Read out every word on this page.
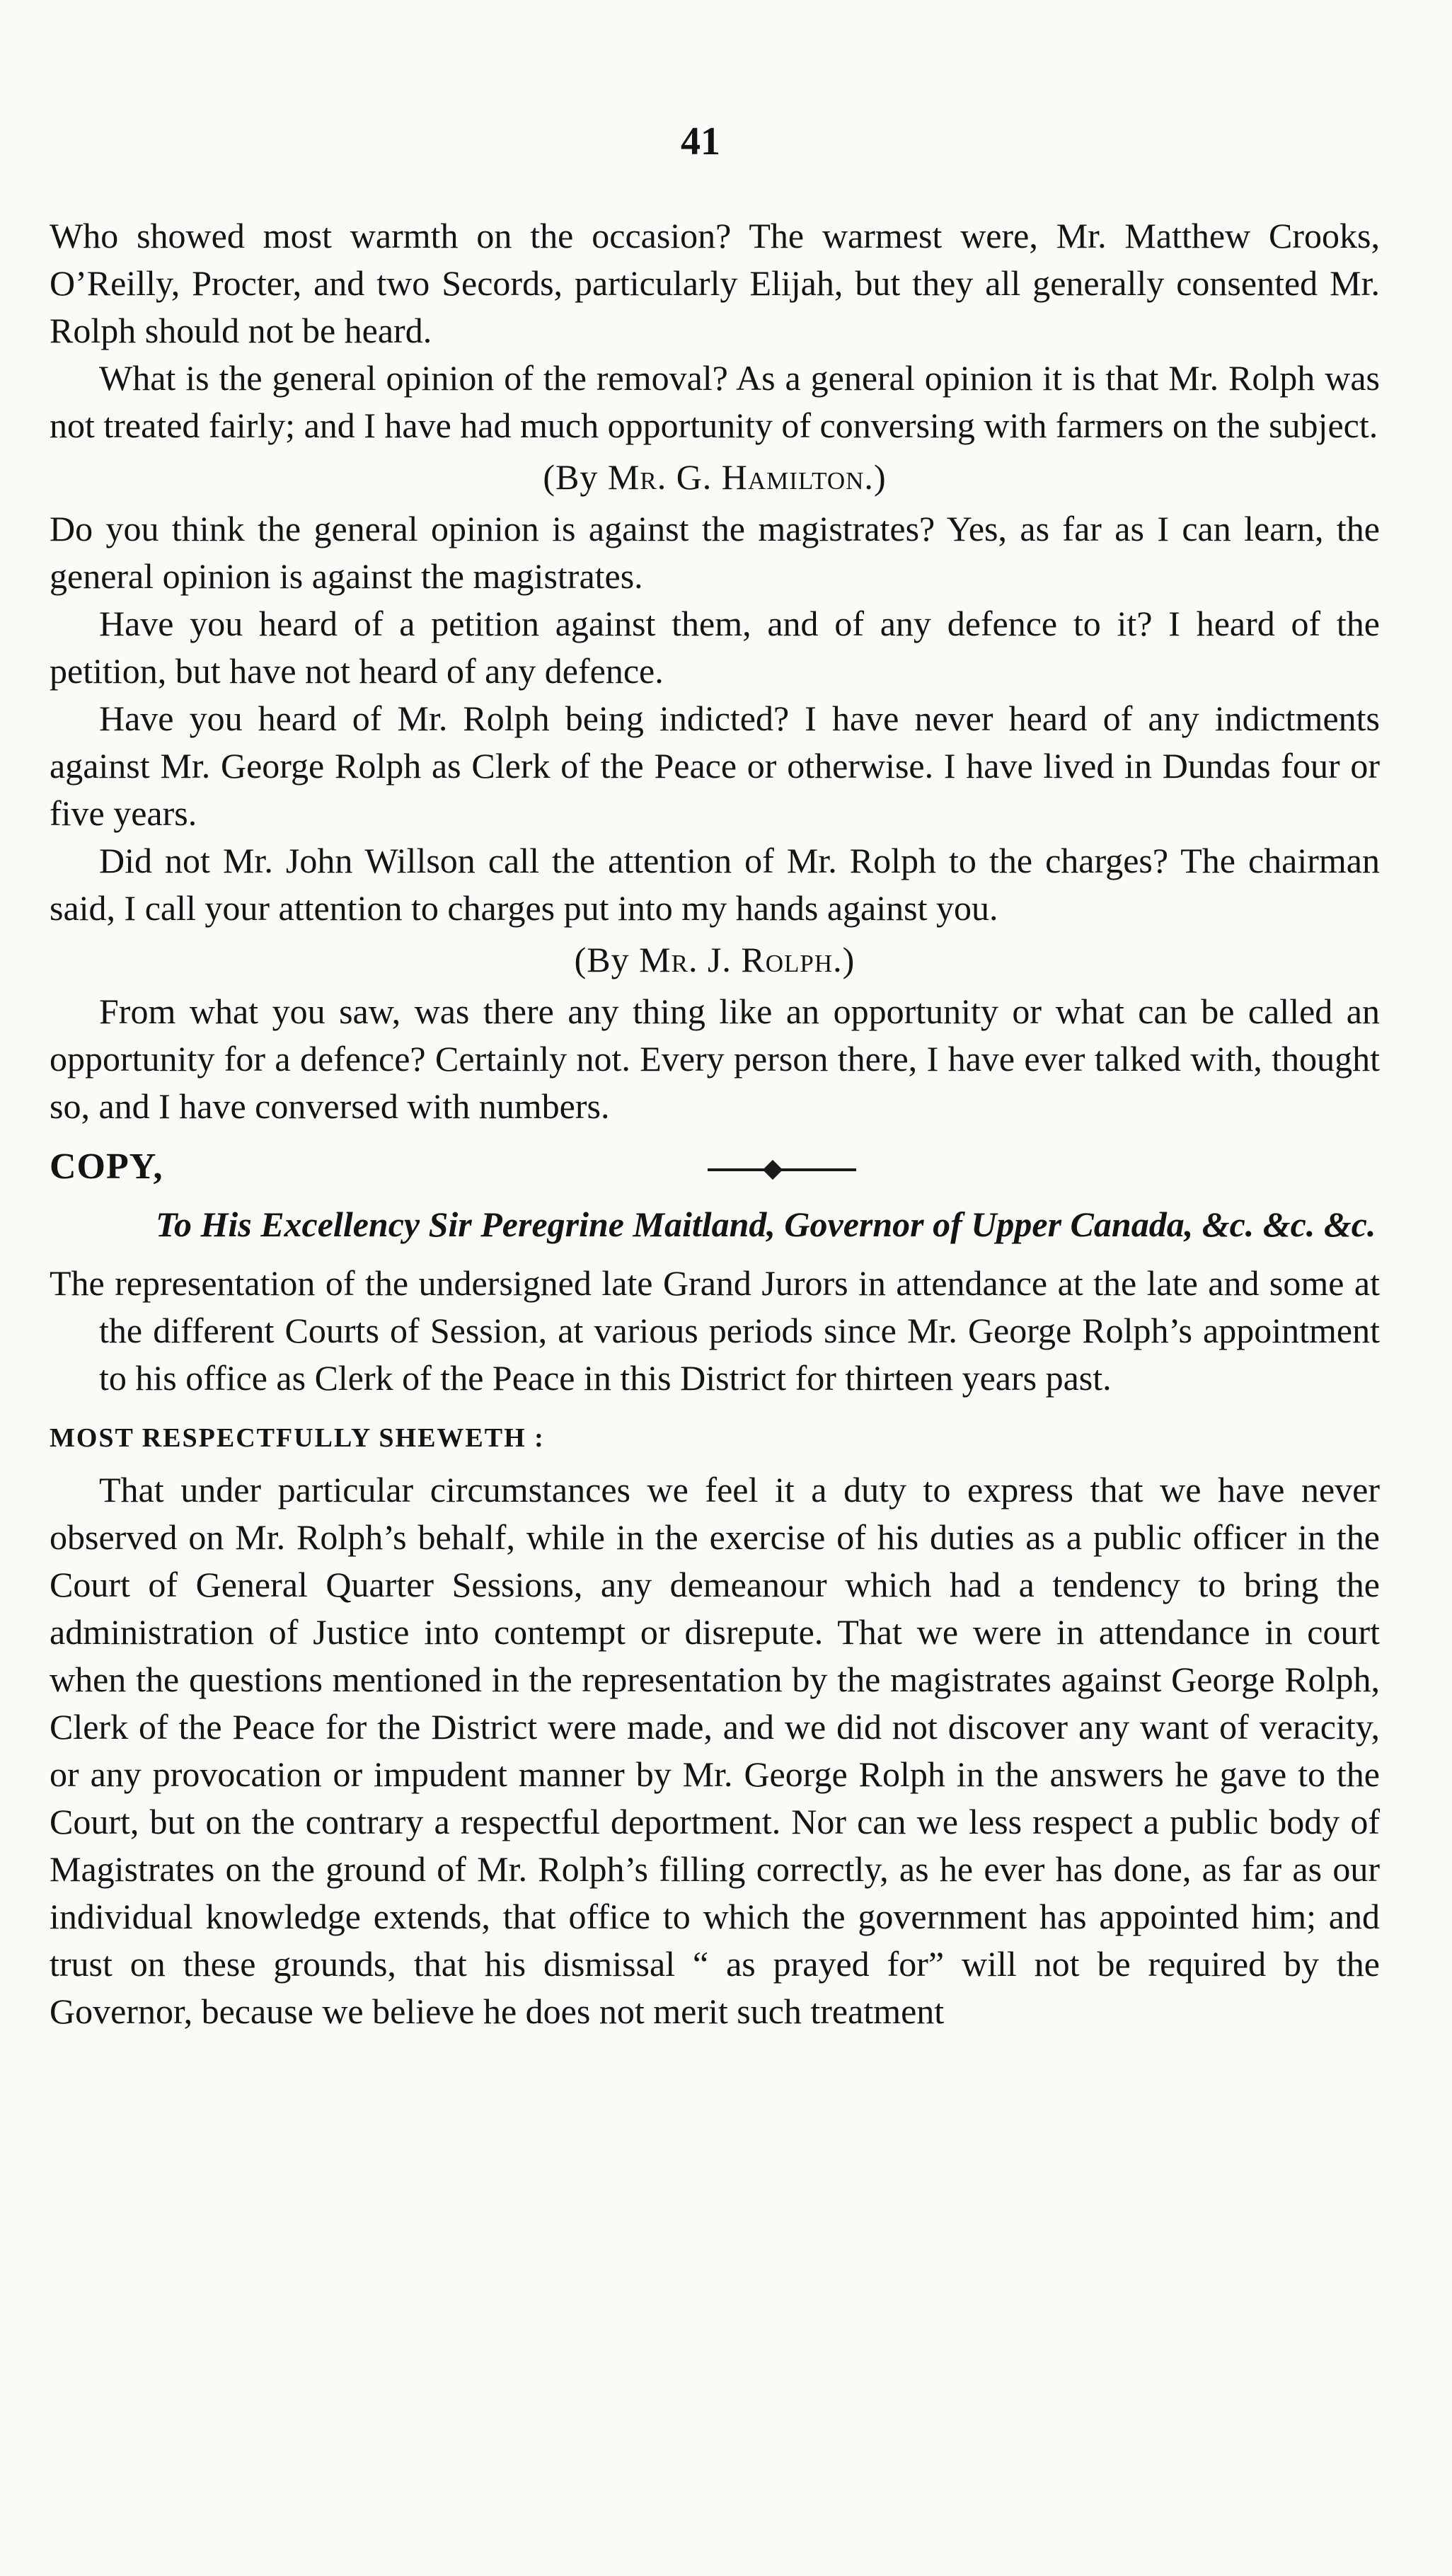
41

Who showed most warmth on the occasion? The warmest were, Mr. Matthew Crooks, O’Reilly, Procter, and two Secords, particularly Elijah, but they all generally consented Mr. Rolph should not be heard.

What is the general opinion of the removal? As a general opinion it is that Mr. Rolph was not treated fairly; and I have had much opportunity of conversing with farmers on the subject.

(By Mr. G. Hamilton.)

Do you think the general opinion is against the magistrates? Yes, as far as I can learn, the general opinion is against the magistrates.

Have you heard of a petition against them, and of any defence to it? I heard of the petition, but have not heard of any defence.

Have you heard of Mr. Rolph being indicted? I have never heard of any indictments against Mr. George Rolph as Clerk of the Peace or otherwise. I have lived in Dundas four or five years.

Did not Mr. John Willson call the attention of Mr. Rolph to the charges? The chairman said, I call your attention to charges put into my hands against you.

(By Mr. J. Rolph.)

From what you saw, was there any thing like an opportunity or what can be called an opportunity for a defence? Certainly not. Every person there, I have ever talked with, thought so, and I have conversed with numbers.

COPY,

To His Excellency Sir Peregrine Maitland, Governor of Upper Canada, &c. &c. &c.

The representation of the undersigned late Grand Jurors in attendance at the late and some at the different Courts of Session, at various periods since Mr. George Rolph’s appointment to his office as Clerk of the Peace in this District for thirteen years past.

MOST RESPECTFULLY SHEWETH :

That under particular circumstances we feel it a duty to express that we have never observed on Mr. Rolph’s behalf, while in the exercise of his duties as a public officer in the Court of General Quarter Sessions, any demeanour which had a tendency to bring the administration of Justice into contempt or disrepute. That we were in attendance in court when the questions mentioned in the representation by the magistrates against George Rolph, Clerk of the Peace for the District were made, and we did not discover any want of veracity, or any provocation or impudent manner by Mr. George Rolph in the answers he gave to the Court, but on the contrary a respectful deportment. Nor can we less respect a public body of Magistrates on the ground of Mr. Rolph’s filling correctly, as he ever has done, as far as our individual knowledge extends, that office to which the government has appointed him; and trust on these grounds, that his dismissal “ as prayed for” will not be required by the Governor, because we believe he does not merit such treatment
